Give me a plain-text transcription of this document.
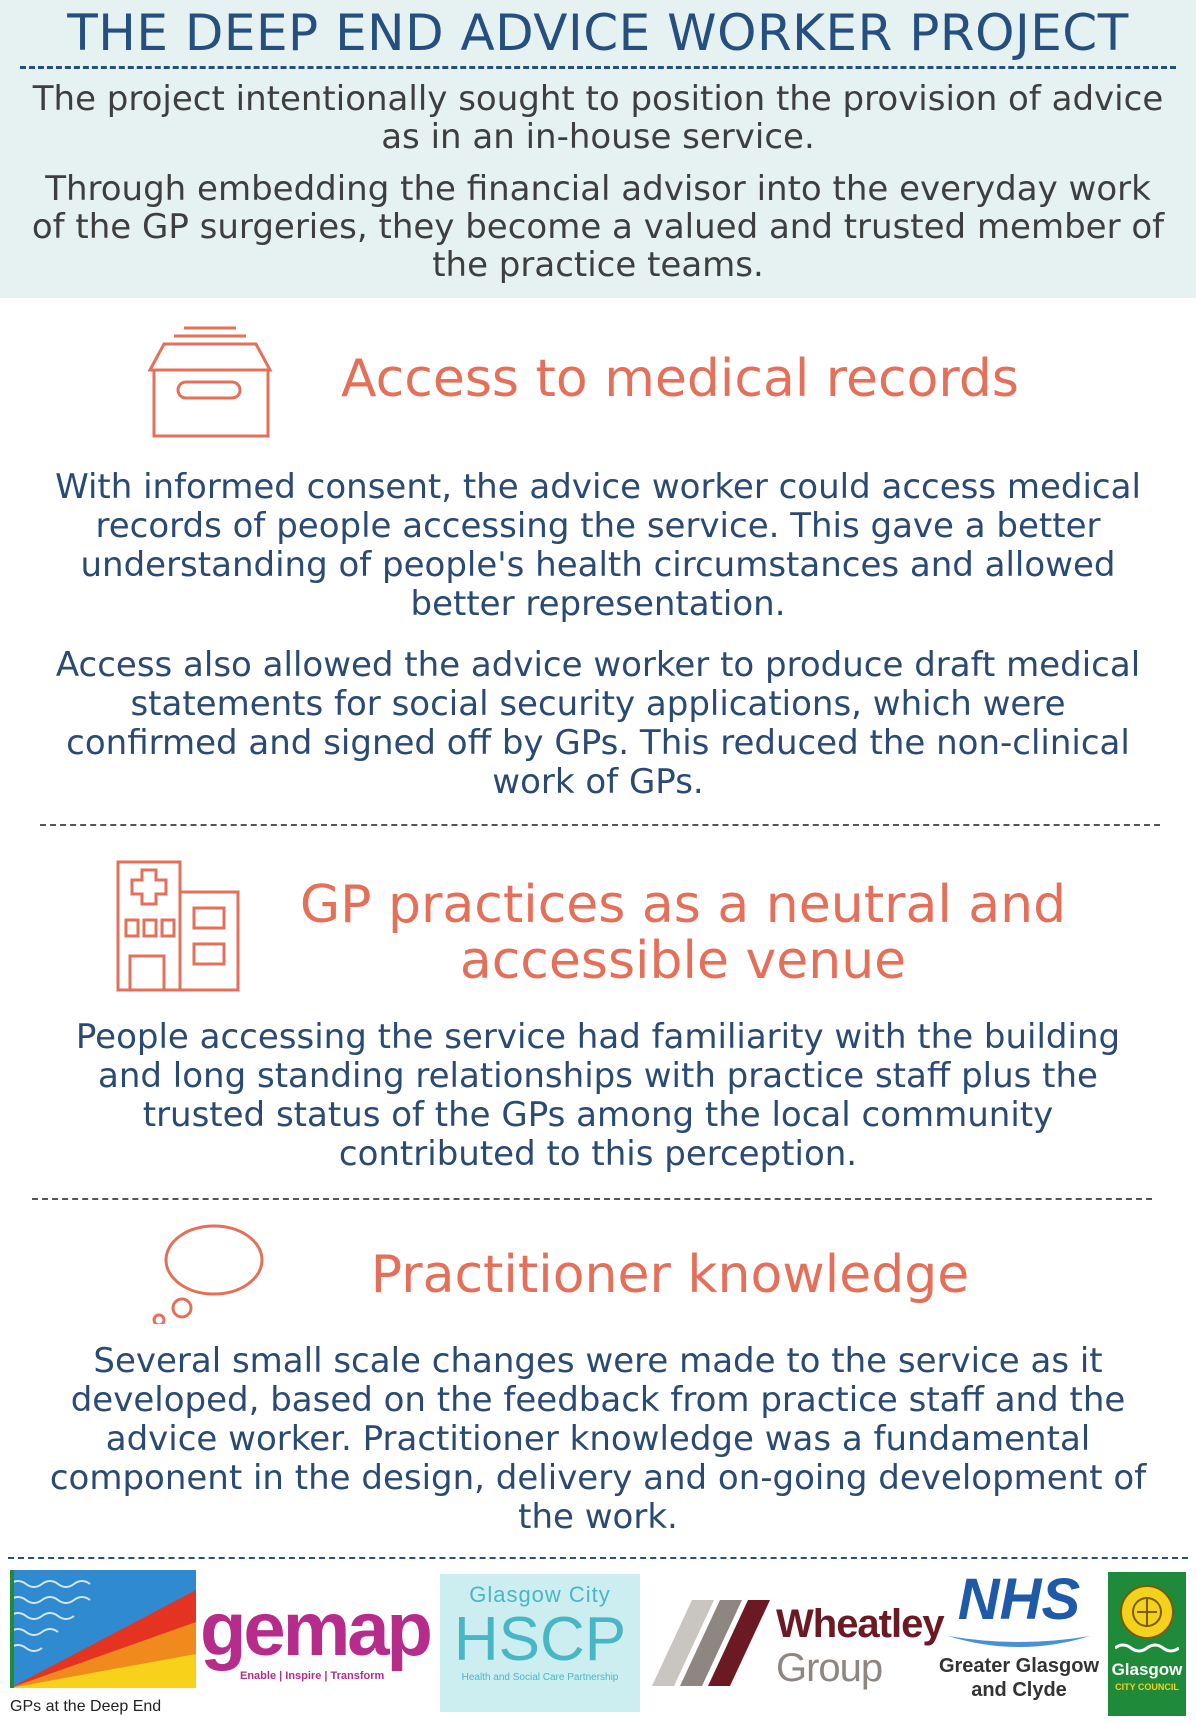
THE DEEP END ADVICE WORKER PROJECT
The project intentionally sought to position the provision of advice as in an in-house service.
Through embedding the financial advisor into the everyday work of the GP surgeries, they become a valued and trusted member of the practice teams.
Access to medical records
With informed consent, the advice worker could access medical records of people accessing the service. This gave a better understanding of people's health circumstances and allowed better representation.
Access also allowed the advice worker to produce draft medical statements for social security applications, which were confirmed and signed off by GPs. This reduced the non-clinical work of GPs.
GP practices as a neutral and
accessible venue
People accessing the service had familiarity with the building and long standing relationships with practice staff plus the trusted status of the GPs among the local community contributed to this perception.
Practitioner knowledge
Several small scale changes were made to the service as it developed, based on the feedback from practice staff and the advice worker. Practitioner knowledge was a fundamental component in the design, delivery and on-going development of the work.
GPs at the Deep End
gemap
Enable | Inspire | Transform
Glasgow City
HSCP
Health and Social Care Partnership
Wheatley
Group
NHS
Greater Glasgow
and Clyde
Glasgow
CITY COUNCIL
